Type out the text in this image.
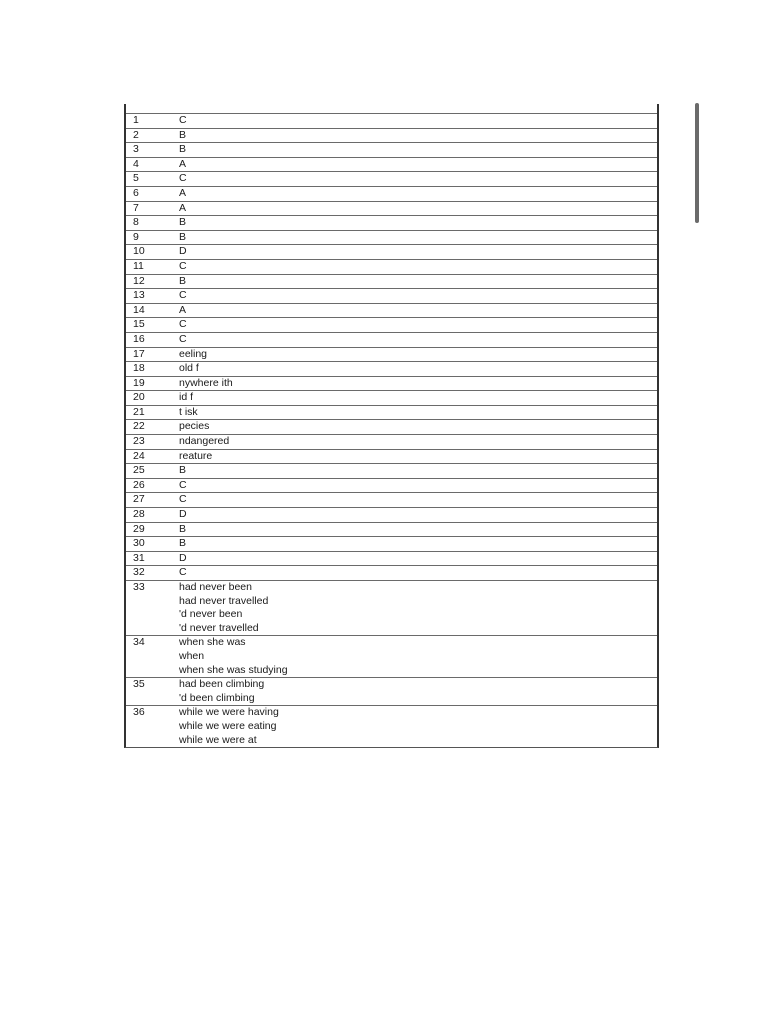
1	C

2	B

3	B

4	A

5	C

6	A

7	A

8	B

9	B

10	D

11	C

12	B

13	C

14	A

15	C

16	C

17	eeling

18	old f

19	nywhere ith

20	id f

21	t isk

22	pecies

23	ndangered

24	reature

25	B

26	C

27	C

28	D

29	B

30	B

31	D

32	C

33	had never been
had never travelled
'd never been
'd never travelled

34	when she was
when
when she was studying

35	had been climbing
'd been climbing

36	while we were having
while we were eating
while we were at
